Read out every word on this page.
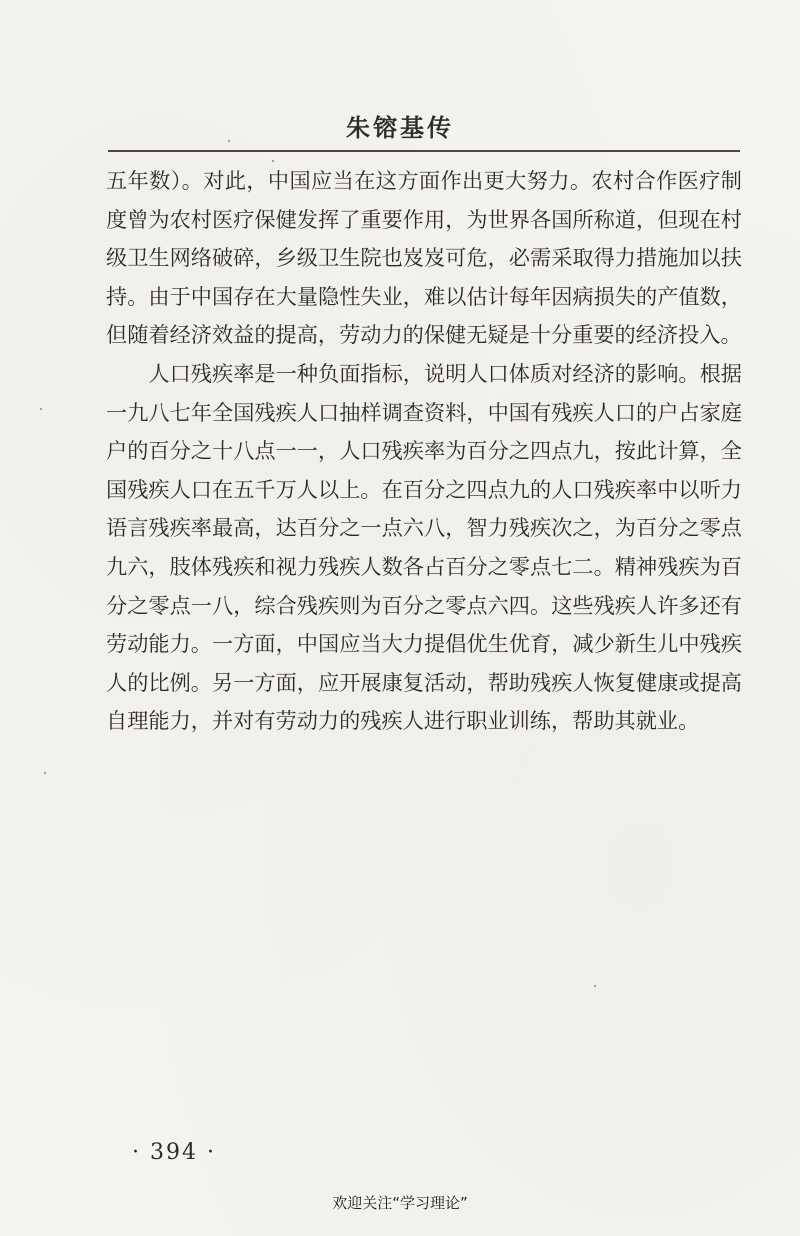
朱镕基传

五年数）。对此，中国应当在这方面作出更大努力。农村合作医疗制度曾为农村医疗保健发挥了重要作用，为世界各国所称道，但现在村级卫生网络破碎，乡级卫生院也岌岌可危，必需采取得力措施加以扶持。由于中国存在大量隐性失业，难以估计每年因病损失的产值数，但随着经济效益的提高，劳动力的保健无疑是十分重要的经济投入。

人口残疾率是一种负面指标，说明人口体质对经济的影响。根据一九八七年全国残疾人口抽样调查资料，中国有残疾人口的户占家庭户的百分之十八点一一，人口残疾率为百分之四点九，按此计算，全国残疾人口在五千万人以上。在百分之四点九的人口残疾率中以听力语言残疾率最高，达百分之一点六八，智力残疾次之，为百分之零点九六，肢体残疾和视力残疾人数各占百分之零点七二。精神残疾为百分之零点一八，综合残疾则为百分之零点六四。这些残疾人许多还有劳动能力。一方面，中国应当大力提倡优生优育，减少新生儿中残疾人的比例。另一方面，应开展康复活动，帮助残疾人恢复健康或提高自理能力，并对有劳动力的残疾人进行职业训练，帮助其就业。

· 394 ·
欢迎关注“学习理论”
